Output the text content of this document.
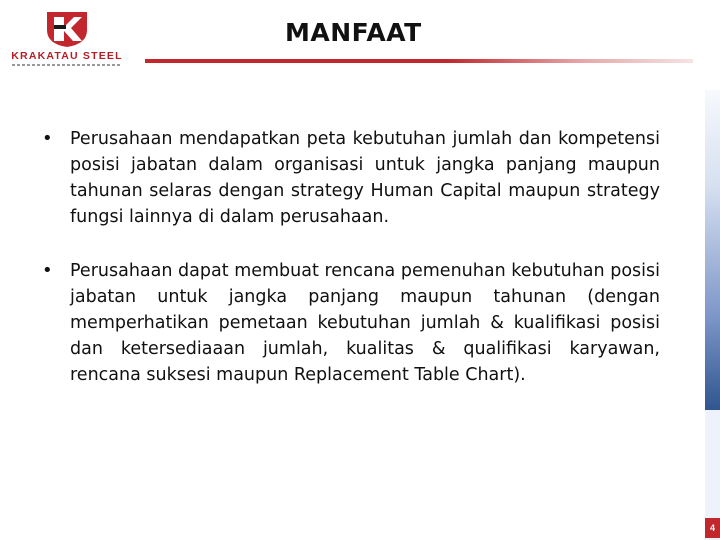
KRAKATAU STEEL
MANFAAT
• Perusahaan mendapatkan peta kebutuhan jumlah dan kompetensi posisi jabatan dalam organisasi untuk jangka panjang maupun tahunan selaras dengan strategy Human Capital maupun strategy fungsi lainnya di dalam perusahaan.
• Perusahaan dapat membuat rencana pemenuhan kebutuhan posisi jabatan untuk jangka panjang maupun tahunan (dengan memperhatikan pemetaan kebutuhan jumlah & kualifikasi posisi dan ketersediaaan jumlah, kualitas & qualifikasi karyawan, rencana suksesi maupun Replacement Table Chart).
4
